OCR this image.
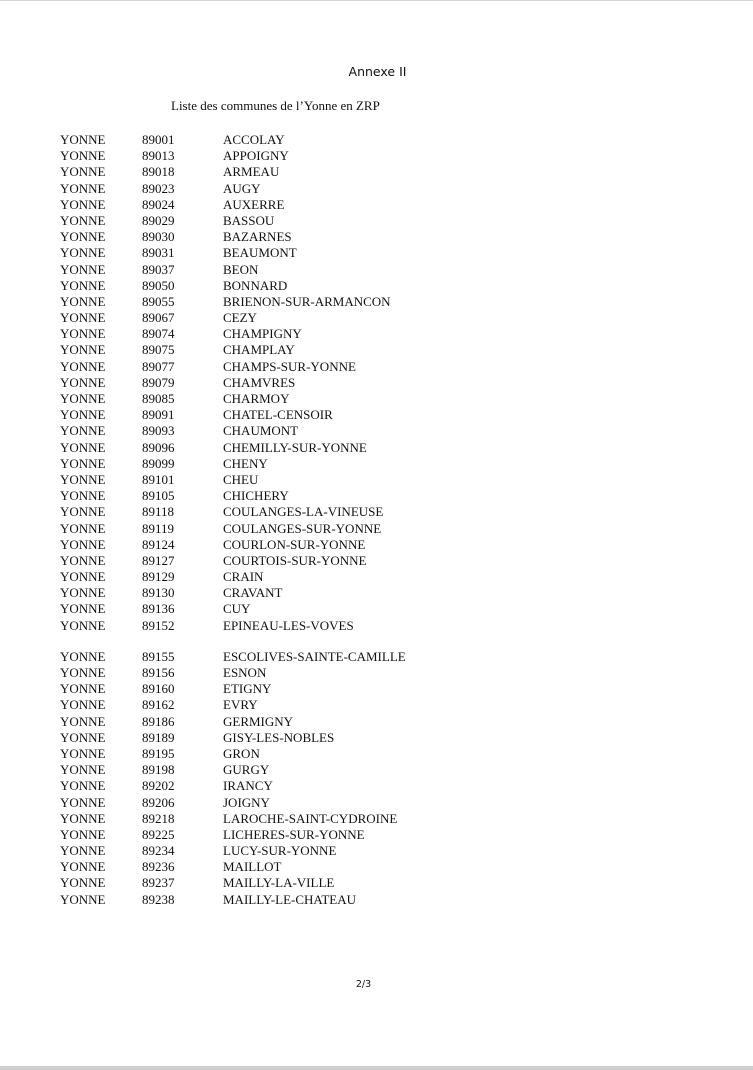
Annexe II
Liste des communes de l’Yonne en ZRP
YONNE	89001	ACCOLAY
YONNE	89013	APPOIGNY
YONNE	89018	ARMEAU
YONNE	89023	AUGY
YONNE	89024	AUXERRE
YONNE	89029	BASSOU
YONNE	89030	BAZARNES
YONNE	89031	BEAUMONT
YONNE	89037	BEON
YONNE	89050	BONNARD
YONNE	89055	BRIENON-SUR-ARMANCON
YONNE	89067	CEZY
YONNE	89074	CHAMPIGNY
YONNE	89075	CHAMPLAY
YONNE	89077	CHAMPS-SUR-YONNE
YONNE	89079	CHAMVRES
YONNE	89085	CHARMOY
YONNE	89091	CHATEL-CENSOIR
YONNE	89093	CHAUMONT
YONNE	89096	CHEMILLY-SUR-YONNE
YONNE	89099	CHENY
YONNE	89101	CHEU
YONNE	89105	CHICHERY
YONNE	89118	COULANGES-LA-VINEUSE
YONNE	89119	COULANGES-SUR-YONNE
YONNE	89124	COURLON-SUR-YONNE
YONNE	89127	COURTOIS-SUR-YONNE
YONNE	89129	CRAIN
YONNE	89130	CRAVANT
YONNE	89136	CUY
YONNE	89152	EPINEAU-LES-VOVES
YONNE	89155	ESCOLIVES-SAINTE-CAMILLE
YONNE	89156	ESNON
YONNE	89160	ETIGNY
YONNE	89162	EVRY
YONNE	89186	GERMIGNY
YONNE	89189	GISY-LES-NOBLES
YONNE	89195	GRON
YONNE	89198	GURGY
YONNE	89202	IRANCY
YONNE	89206	JOIGNY
YONNE	89218	LAROCHE-SAINT-CYDROINE
YONNE	89225	LICHERES-SUR-YONNE
YONNE	89234	LUCY-SUR-YONNE
YONNE	89236	MAILLOT
YONNE	89237	MAILLY-LA-VILLE
YONNE	89238	MAILLY-LE-CHATEAU
2/3
